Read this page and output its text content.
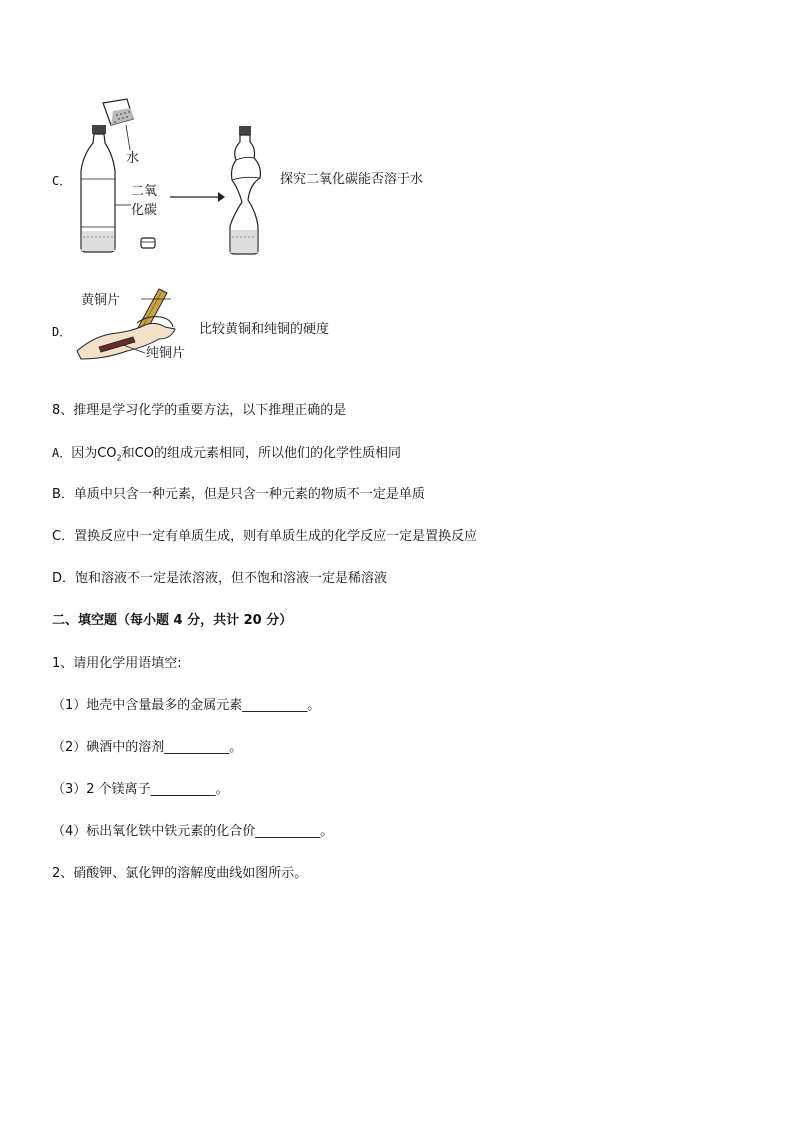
C．
水
二氧
化碳
探究二氧化碳能否溶于水
D．
黄铜片
纯铜片
比较黄铜和纯铜的硬度
8、推理是学习化学的重要方法，以下推理正确的是
A．因为$CO_2$和CO的组成元素相同，所以他们的化学性质相同
B．单质中只含一种元素，但是只含一种元素的物质不一定是单质
C．置换反应中一定有单质生成，则有单质生成的化学反应一定是置换反应
D．饱和溶液不一定是浓溶液，但不饱和溶液一定是稀溶液
二、填空题（每小题 4 分，共计 20 分）
1、请用化学用语填空:
（1）地壳中含量最多的金属元素__________。
（2）碘酒中的溶剂__________。
（3）2 个镁离子__________。
（4）标出氧化铁中铁元素的化合价__________。
2、硝酸钾、氯化钾的溶解度曲线如图所示。
